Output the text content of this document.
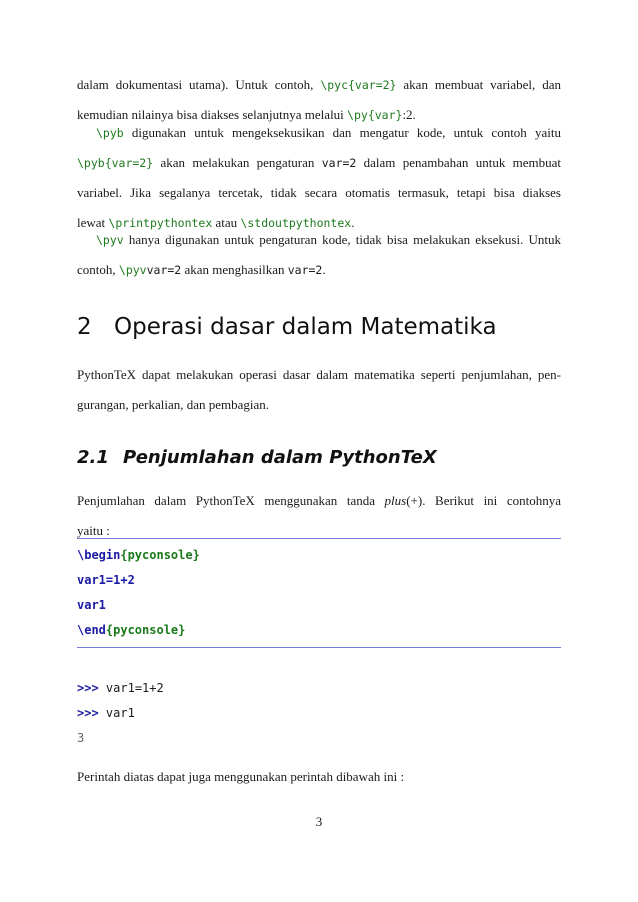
dalam dokumentasi utama). Untuk contoh, \pyc{var=2} akan membuat variabel, dan
kemudian nilainya bisa diakses selanjutnya melalui \py{var}:2.
\pyb digunakan untuk mengeksekusikan dan mengatur kode, untuk contoh yaitu
\pyb{var=2} akan melakukan pengaturan var=2 dalam penambahan untuk membuat
variabel. Jika segalanya tercetak, tidak secara otomatis termasuk, tetapi bisa diakses
lewat \printpythontex atau \stdoutpythontex.
\pyv hanya digunakan untuk pengaturan kode, tidak bisa melakukan eksekusi. Untuk
contoh, \pyvvar=2 akan menghasilkan var=2.
2 Operasi dasar dalam Matematika
PythonTeX dapat melakukan operasi dasar dalam matematika seperti penjumlahan, pen-
gurangan, perkalian, dan pembagian.
2.1 Penjumlahan dalam PythonTeX
Penjumlahan dalam PythonTeX menggunakan tanda plus(+). Berikut ini contohnya
yaitu :
\begin{pyconsole}
var1=1+2
var1
\end{pyconsole}
>>> var1=1+2
>>> var1
3
Perintah diatas dapat juga menggunakan perintah dibawah ini :
3
